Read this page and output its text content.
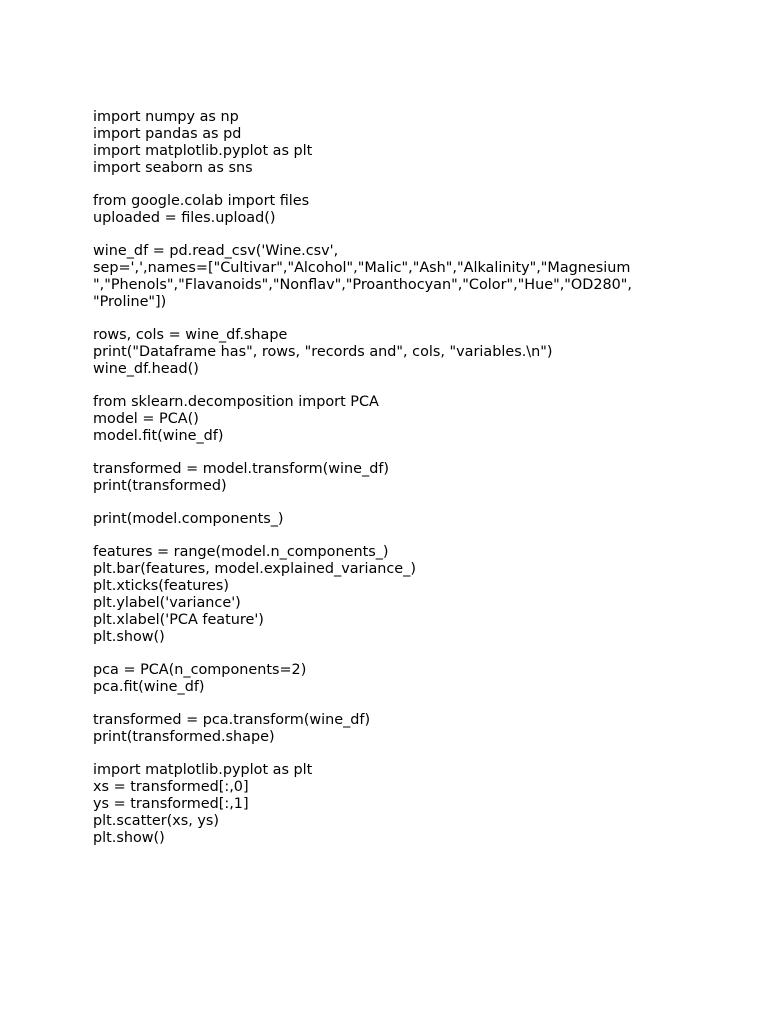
import numpy as np
import pandas as pd
import matplotlib.pyplot as plt
import seaborn as sns
from google.colab import files
uploaded = files.upload()
wine_df = pd.read_csv('Wine.csv',
sep=',',names=["Cultivar","Alcohol","Malic","Ash","Alkalinity","Magnesium
","Phenols","Flavanoids","Nonflav","Proanthocyan","Color","Hue","OD280",
"Proline"])
rows, cols = wine_df.shape
print("Dataframe has", rows, "records and", cols, "variables.\n")
wine_df.head()
from sklearn.decomposition import PCA
model = PCA()
model.fit(wine_df)
transformed = model.transform(wine_df)
print(transformed)
print(model.components_)
features = range(model.n_components_)
plt.bar(features, model.explained_variance_)
plt.xticks(features)
plt.ylabel('variance')
plt.xlabel('PCA feature')
plt.show()
pca = PCA(n_components=2)
pca.fit(wine_df)
transformed = pca.transform(wine_df)
print(transformed.shape)
import matplotlib.pyplot as plt
xs = transformed[:,0]
ys = transformed[:,1]
plt.scatter(xs, ys)
plt.show()
